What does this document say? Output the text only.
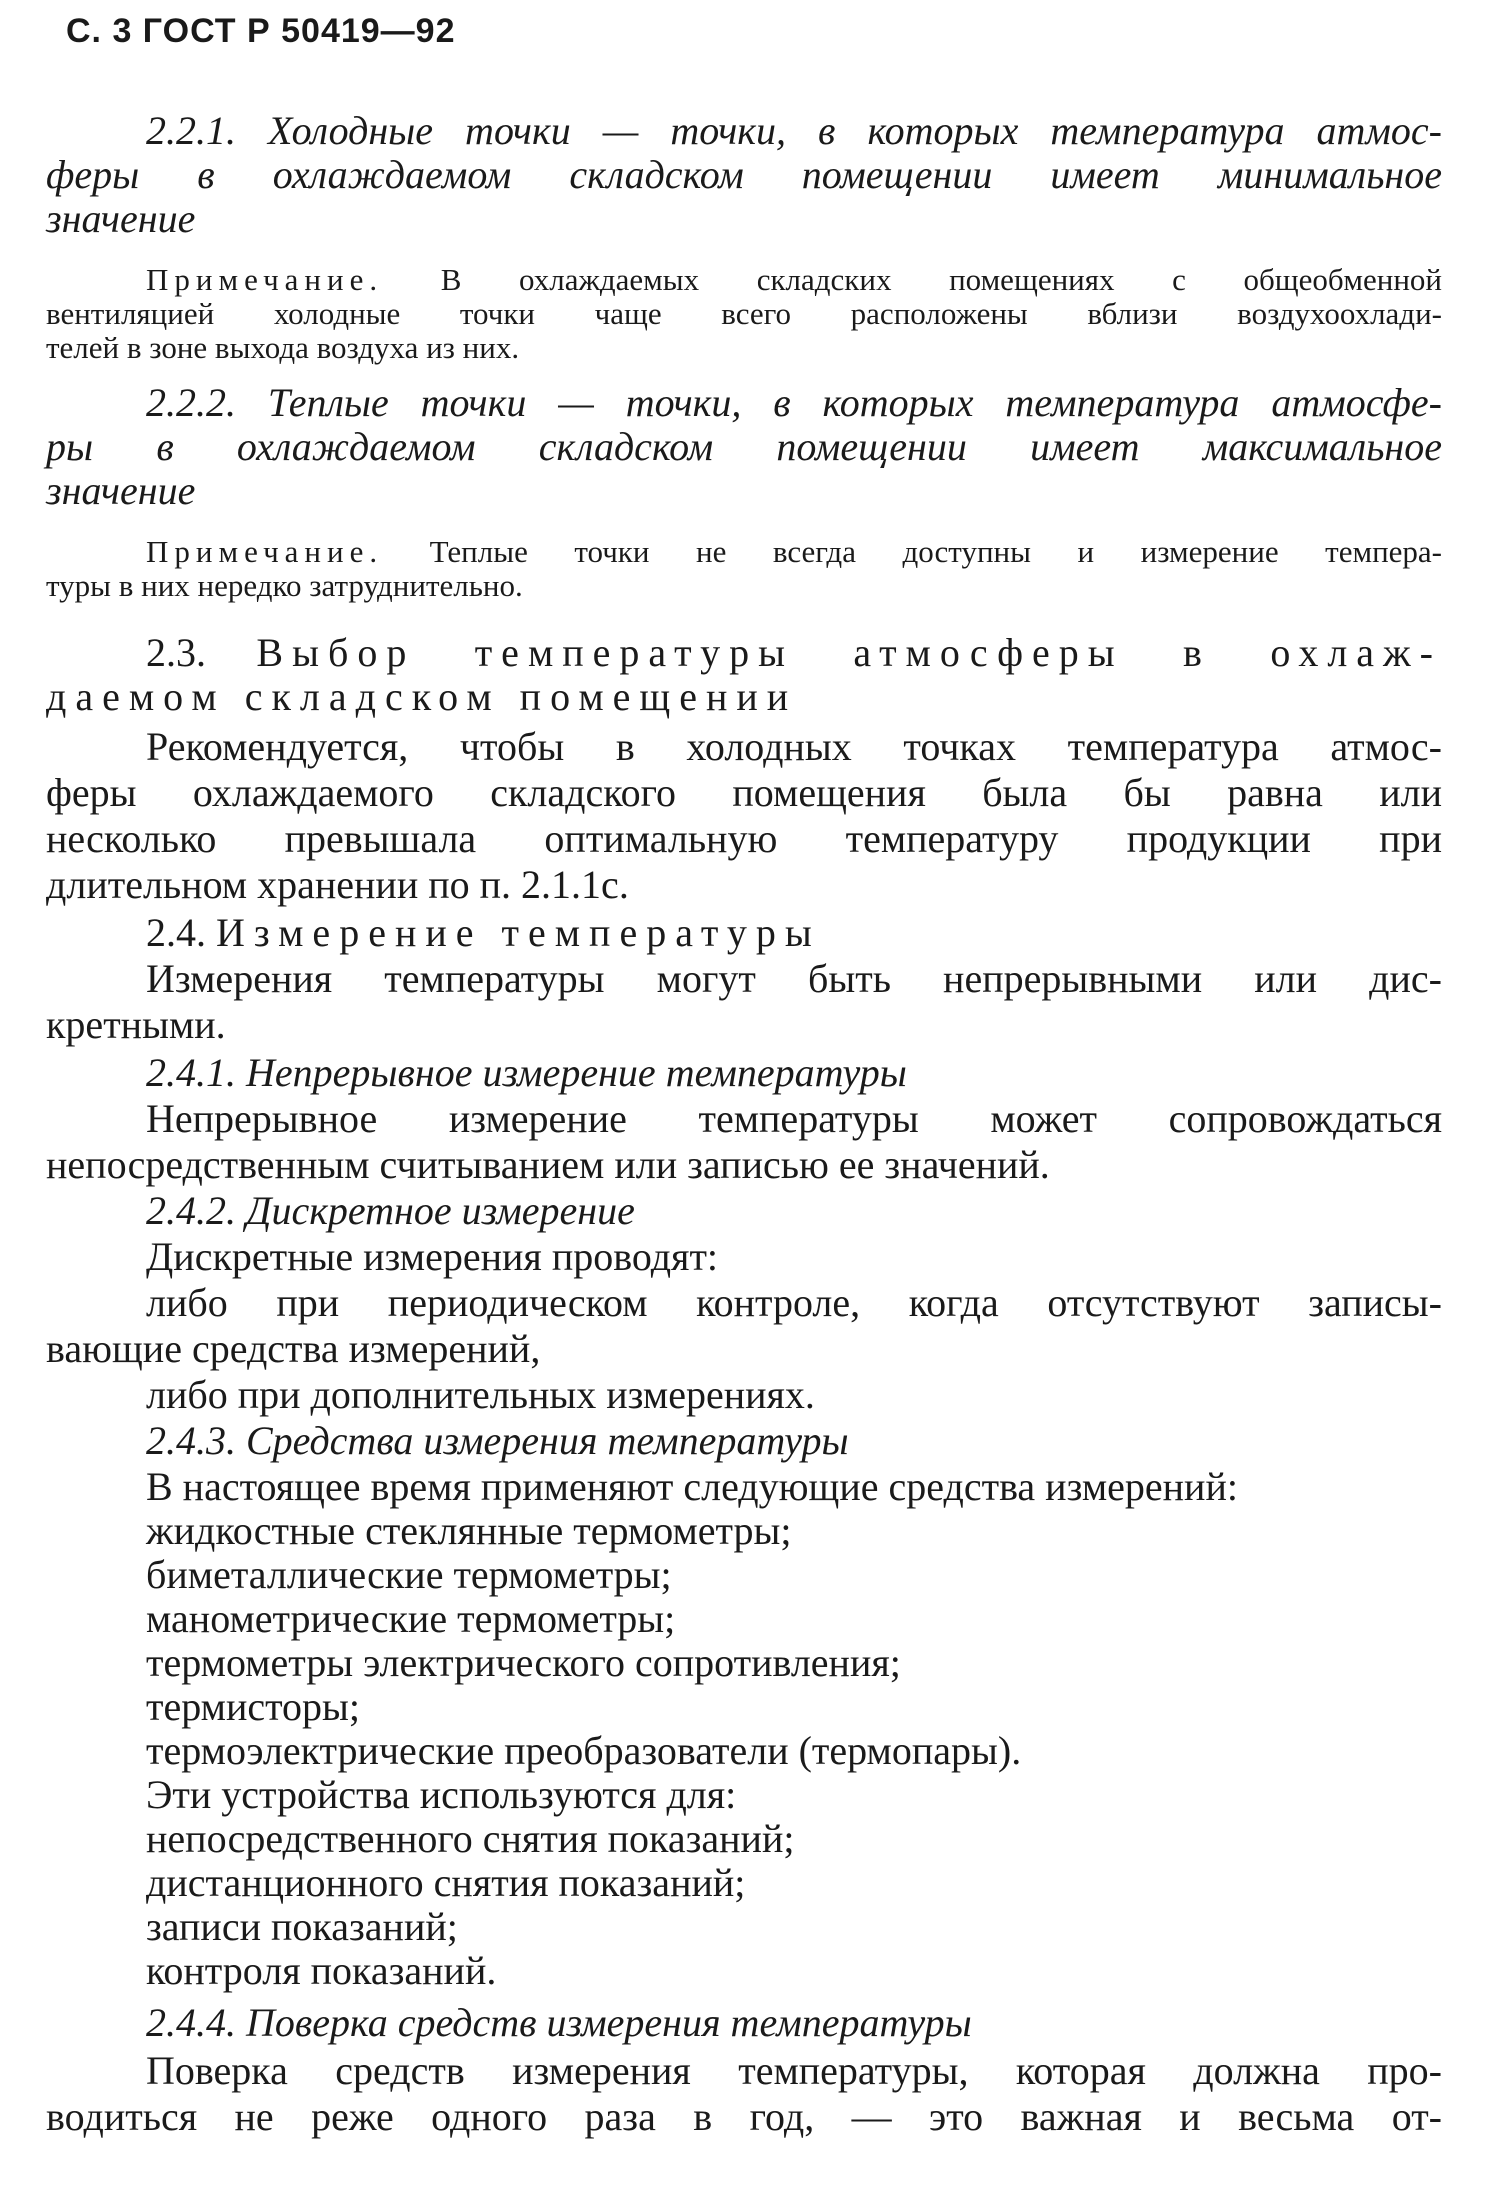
С. 3 ГОСТ Р 50419—92
2.2.1. Холодные точки — точки, в которых температура атмос-
феры в охлаждаемом складском помещении имеет минимальное
значение
Примечание. В охлаждаемых складских помещениях с общеобменной
вентиляцией холодные точки чаще всего расположены вблизи воздухоохлади-
телей в зоне выхода воздуха из них.
2.2.2. Теплые точки — точки, в которых температура атмосфе-
ры в охлаждаемом складском помещении имеет максимальное
значение
Примечание. Теплые точки не всегда доступны и измерение темпера-
туры в них нередко затруднительно.
2.3. Выбор температуры атмосферы в охлаж-
даемом складском помещении
Рекомендуется, чтобы в холодных точках температура атмос-
феры охлаждаемого складского помещения была бы равна или
несколько превышала оптимальную температуру продукции при
длительном хранении по п. 2.1.1с.
2.4. Измерение температуры
Измерения температуры могут быть непрерывными или дис-
кретными.
2.4.1. Непрерывное измерение температуры
Непрерывное измерение температуры может сопровождаться
непосредственным считыванием или записью ее значений.
2.4.2. Дискретное измерение
Дискретные измерения проводят:
либо при периодическом контроле, когда отсутствуют записы-
вающие средства измерений,
либо при дополнительных измерениях.
2.4.3. Средства измерения температуры
В настоящее время применяют следующие средства измерений:
жидкостные стеклянные термометры;
биметаллические термометры;
манометрические термометры;
термометры электрического сопротивления;
термисторы;
термоэлектрические преобразователи (термопары).
Эти устройства используются для:
непосредственного снятия показаний;
дистанционного снятия показаний;
записи показаний;
контроля показаний.
2.4.4. Поверка средств измерения температуры
Поверка средств измерения температуры, которая должна про-
водиться не реже одного раза в год, — это важная и весьма от-
